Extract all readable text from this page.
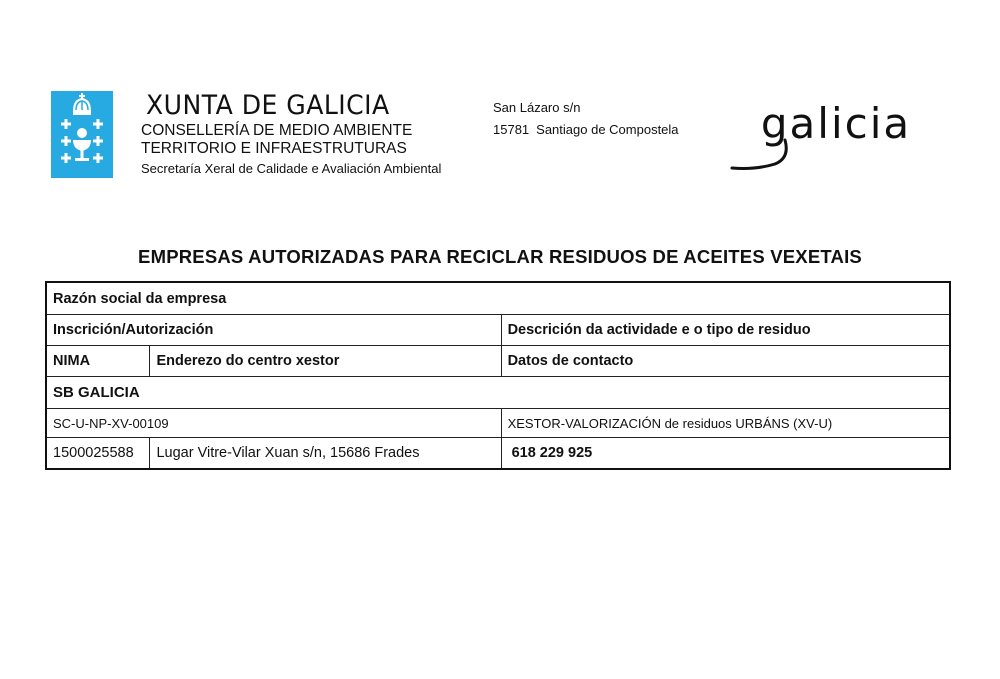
XUNTA DE GALICIA
CONSELLERÍA DE MEDIO AMBIENTE
TERRITORIO E INFRAESTRUTURAS
Secretaría Xeral de Calidade e Avaliación Ambiental
San Lázaro s/n
15781 Santiago de Compostela galicia
EMPRESAS AUTORIZADAS PARA RECICLAR RESIDUOS DE ACEITES VEXETAIS
Razón social da empresa		
Inscrición/Autorización		Descrición da actividade e o tipo de residuo
NIMA	Enderezo do centro xestor	Datos de contacto
SB GALICIA		
SC-U-NP-XV-00109		XESTOR-VALORIZACIÓN de residuos URBÁNS (XV-U)
1500025588	Lugar Vitre-Vilar Xuan s/n, 15686 Frades	618 229 925
